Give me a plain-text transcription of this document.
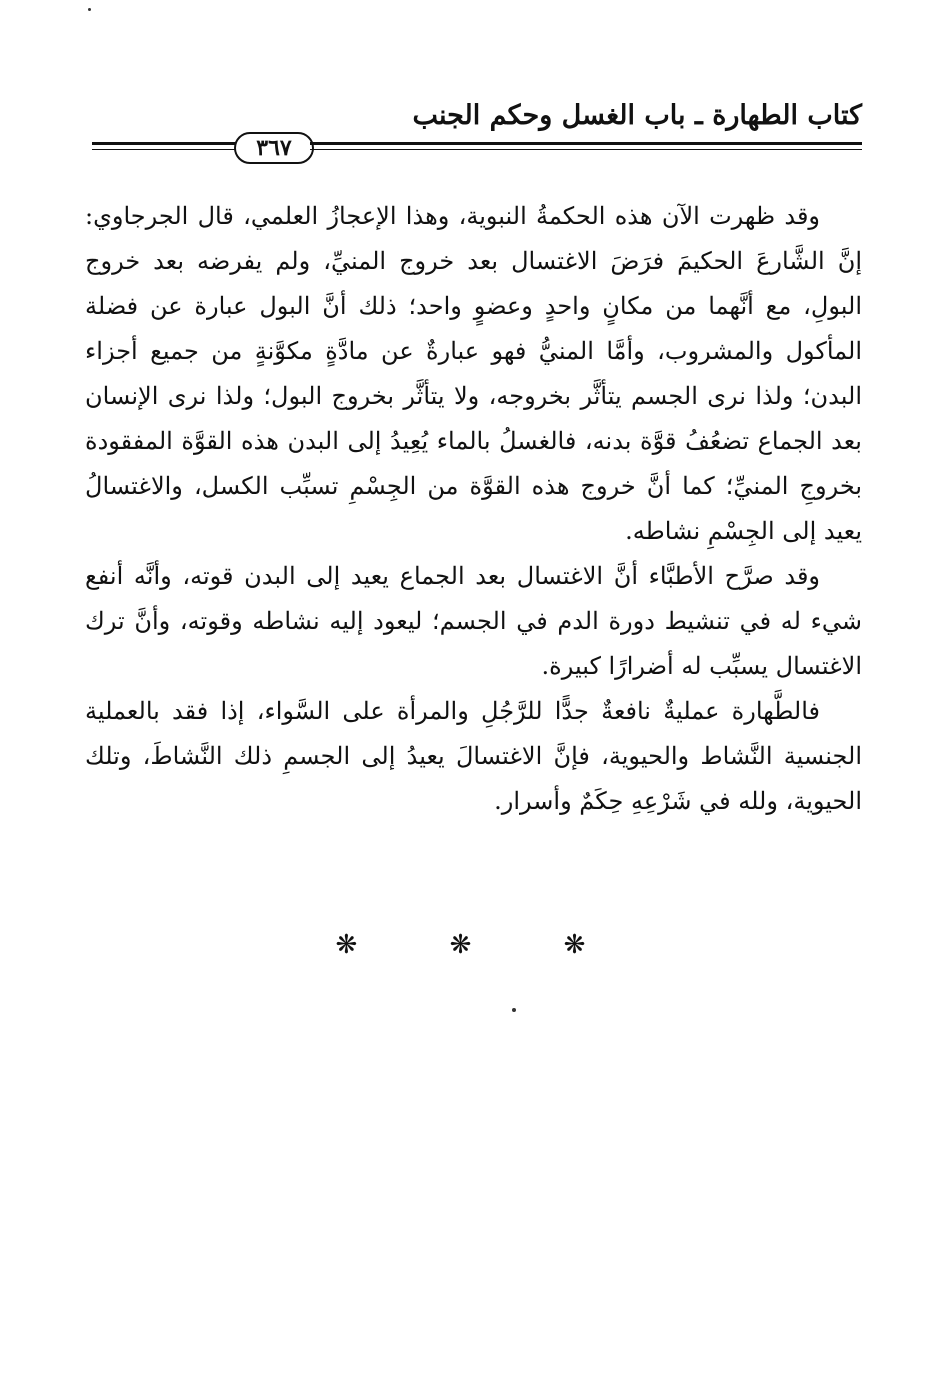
كتاب الطهارة ـ باب الغسل وحكم الجنب
٣٦٧

وقد ظهرت الآن هذه الحكمةُ النبوية، وهذا الإعجازُ العلمي، قال الجرجاوي: إنَّ الشَّارعَ الحكيمَ فرَضَ الاغتسال بعد خروج المنيِّ، ولم يفرضه بعد خروج البولِ، مع أنَّهما من مكانٍ واحدٍ وعضوٍ واحد؛ ذلك أنَّ البول عبارة عن فضلة المأكول والمشروب، وأمَّا المنيُّ فهو عبارةٌ عن مادَّةٍ مكوَّنةٍ من جميع أجزاء البدن؛ ولذا نرى الجسم يتأثَّر بخروجه، ولا يتأثَّر بخروج البول؛ ولذا نرى الإنسان بعد الجماع تضعُفُ قوَّة بدنه، فالغسلُ بالماء يُعِيدُ إلى البدن هذه القوَّة المفقودة بخروجِ المنيِّ؛ كما أنَّ خروج هذه القوَّة من الجِسْمِ تسبِّب الكسل، والاغتسالُ يعيد إلى الجِسْمِ نشاطه.

وقد صرَّح الأطبَّاء أنَّ الاغتسال بعد الجماع يعيد إلى البدن قوته، وأنَّه أنفع شيء له في تنشيط دورة الدم في الجسم؛ ليعود إليه نشاطه وقوته، وأنَّ ترك الاغتسال يسبِّب له أضرارًا كبيرة.

فالطَّهارة عمليةٌ نافعةٌ جدًّا للرَّجُلِ والمرأة على السَّواء، إذا فقد بالعملية الجنسية النَّشاط والحيوية، فإنَّ الاغتسالَ يعيدُ إلى الجسمِ ذلك النَّشاطَ، وتلك الحيوية، ولله في شَرْعِهِ حِكَمٌ وأسرار.

❋	❋	❋
